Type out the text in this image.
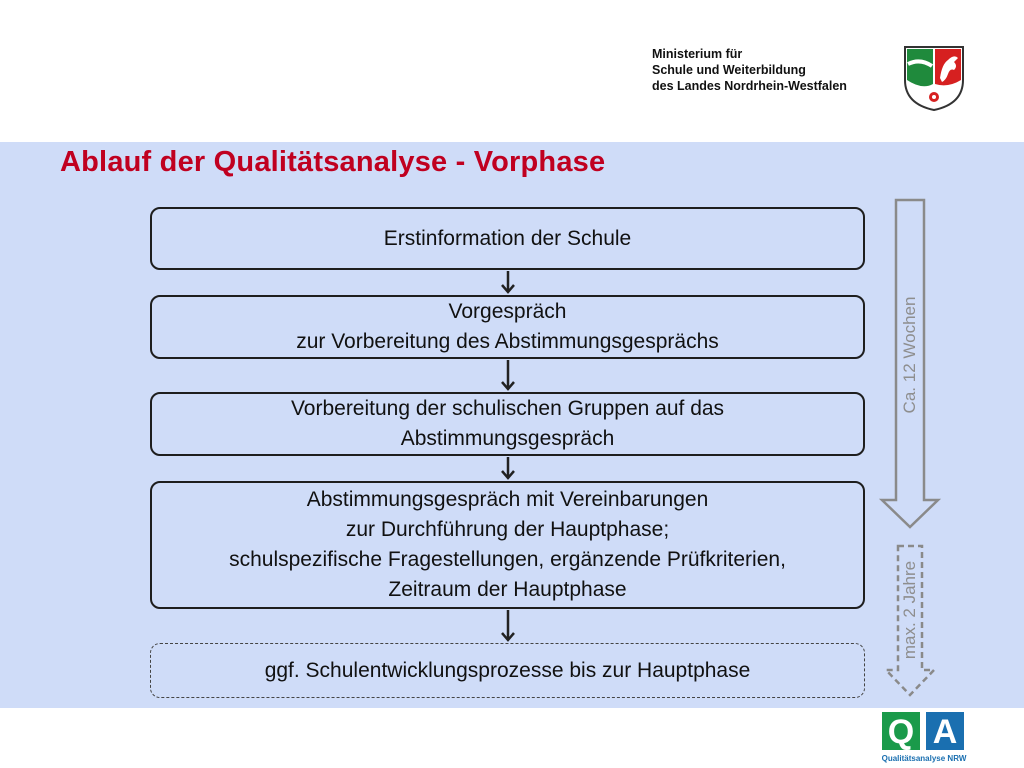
Ministerium für
Schule und Weiterbildung
des Landes Nordrhein-Westfalen
Ablauf der Qualitätsanalyse - Vorphase
Erstinformation der Schule
Vorgespräch
zur Vorbereitung des Abstimmungsgesprächs
Vorbereitung der schulischen Gruppen auf das
Abstimmungsgespräch
Abstimmungsgespräch mit Vereinbarungen
zur Durchführung der Hauptphase;
schulspezifische Fragestellungen, ergänzende Prüfkriterien,
Zeitraum der Hauptphase
ggf. Schulentwicklungsprozesse bis zur Hauptphase
Ca. 12 Wochen
max. 2 Jahre
Q A
Qualitätsanalyse NRW
